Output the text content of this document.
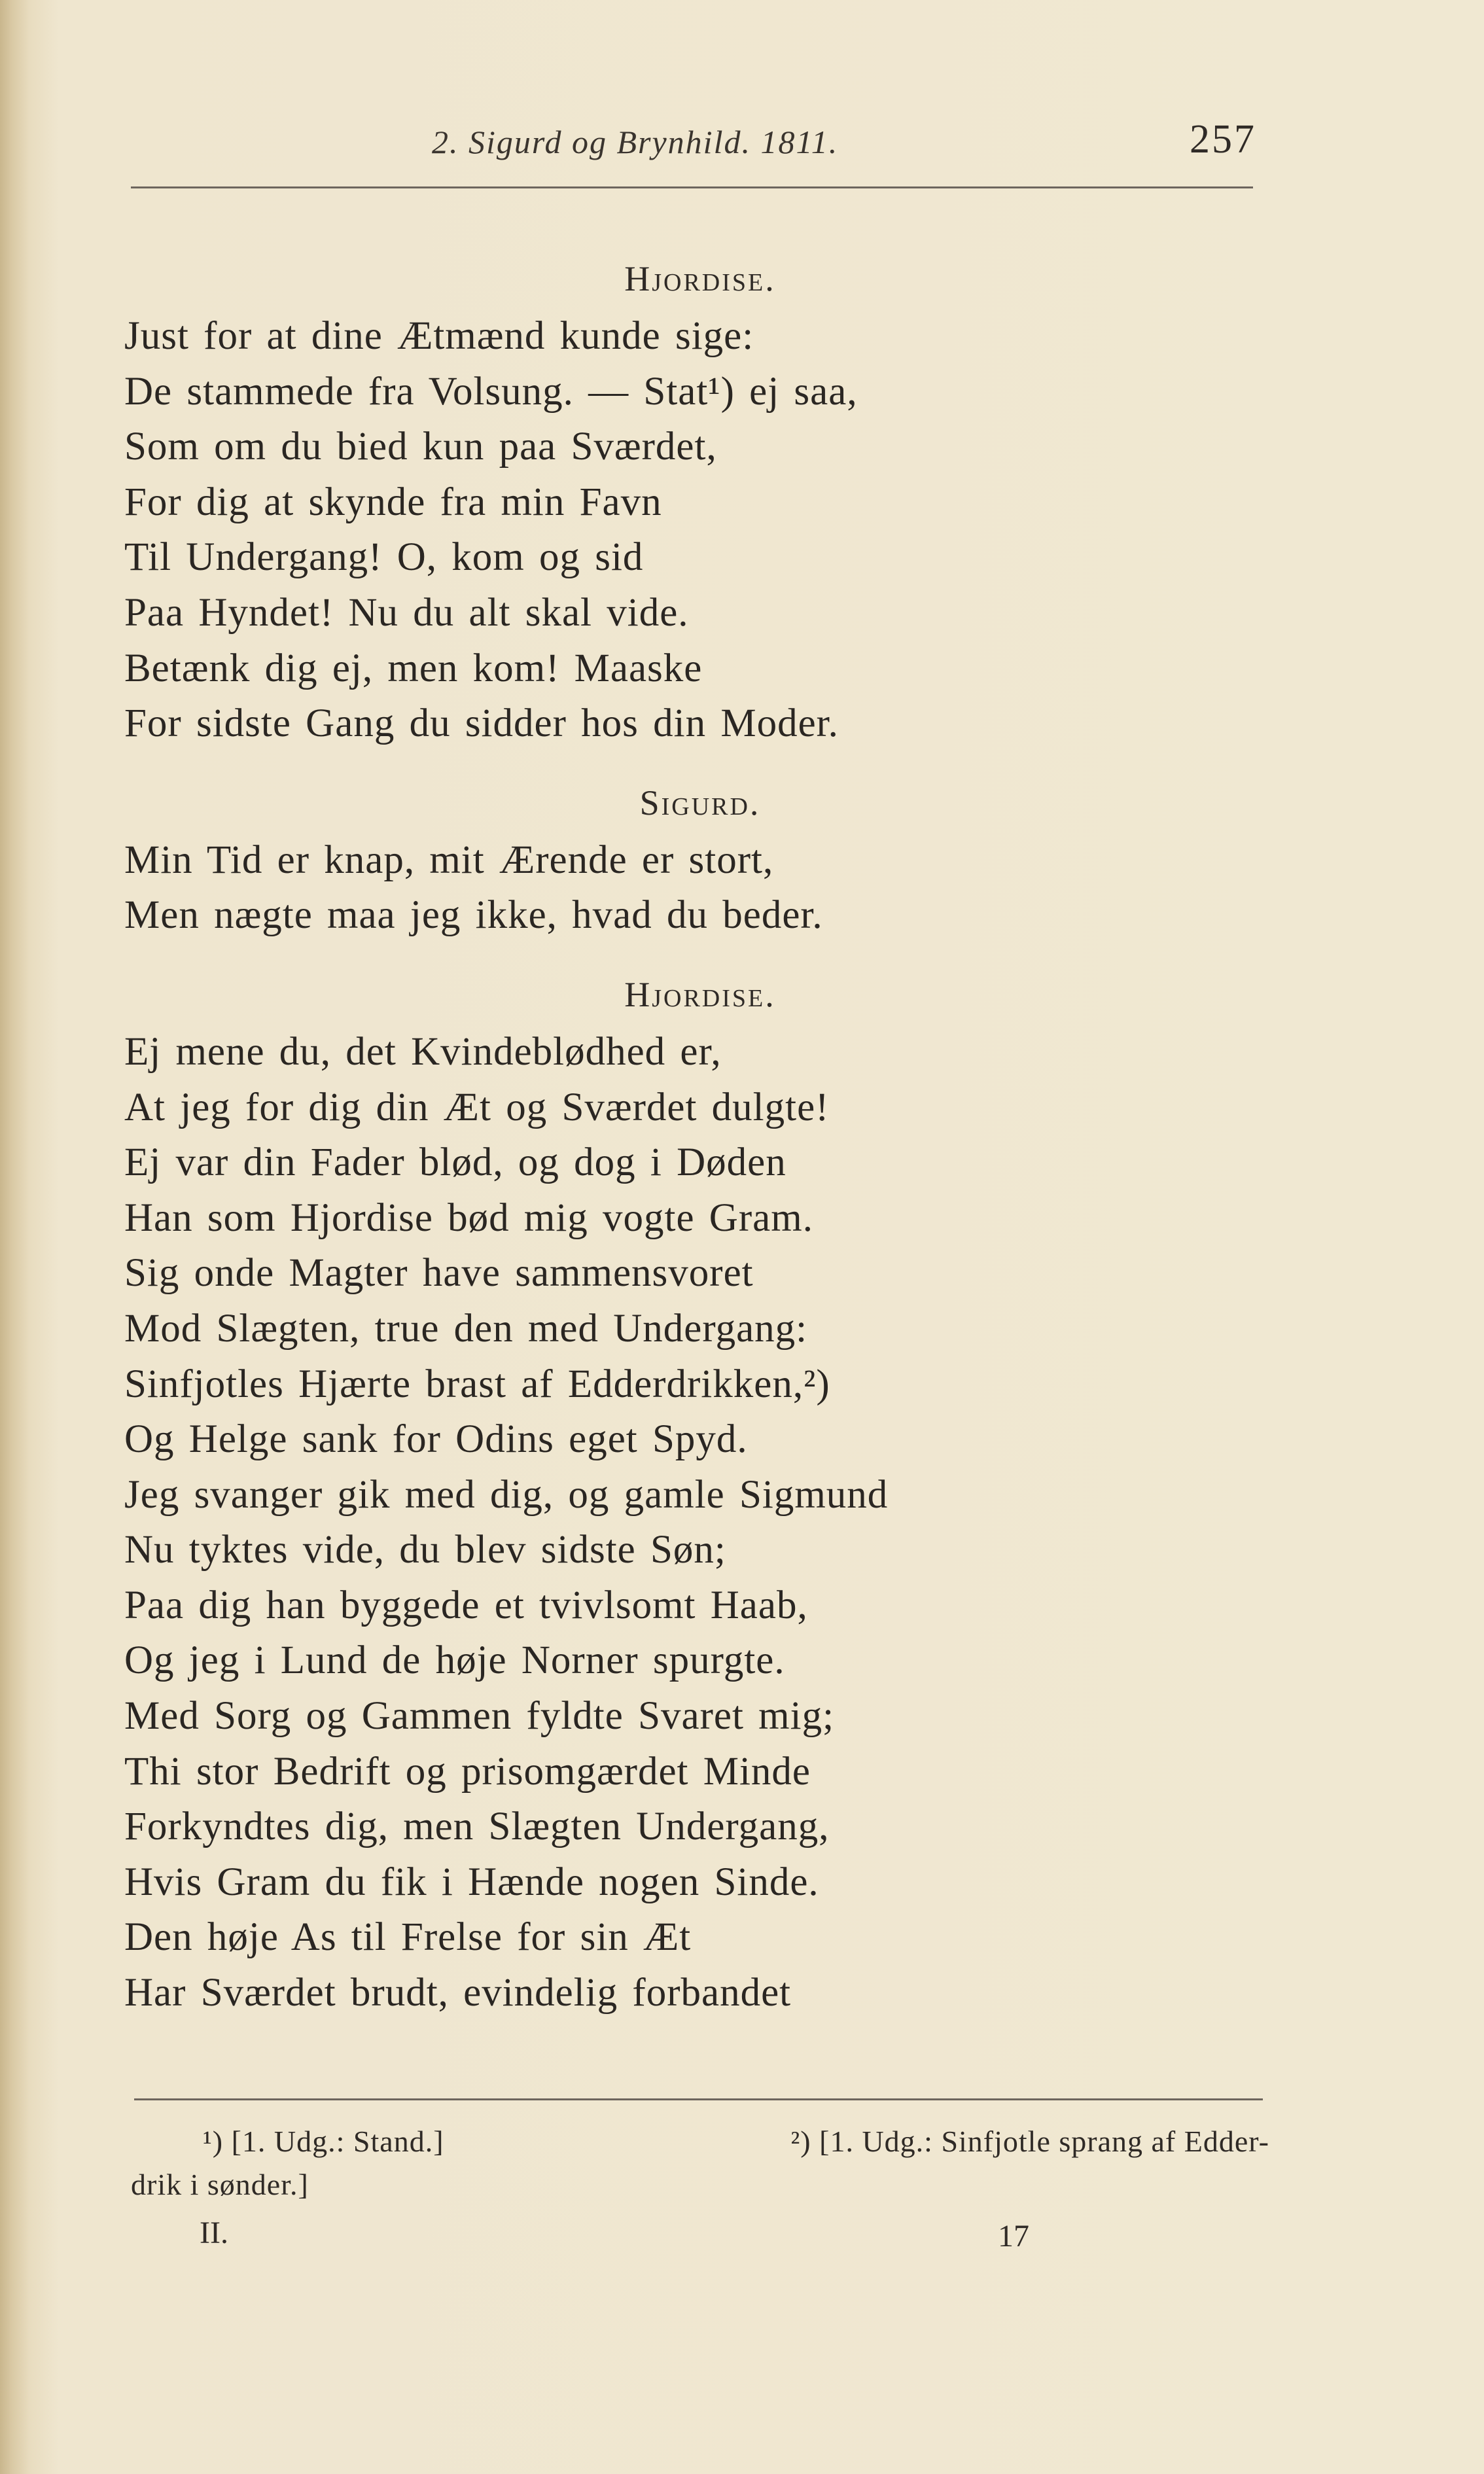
2. Sigurd og Brynhild. 1811.	257
Hjordise.
Just for at dine Ætmænd kunde sige:
De stammede fra Volsung. — Stat¹) ej saa,
Som om du bied kun paa Sværdet,
For dig at skynde fra min Favn
Til Undergang! O, kom og sid
Paa Hyndet! Nu du alt skal vide.
Betænk dig ej, men kom! Maaske
For sidste Gang du sidder hos din Moder.
Sigurd.
Min Tid er knap, mit Ærende er stort,
Men nægte maa jeg ikke, hvad du beder.
Hjordise.
Ej mene du, det Kvindeblødhed er,
At jeg for dig din Æt og Sværdet dulgte!
Ej var din Fader blød, og dog i Døden
Han som Hjordise bød mig vogte Gram.
Sig onde Magter have sammensvoret
Mod Slægten, true den med Undergang:
Sinfjotles Hjærte brast af Edderdrikken,²)
Og Helge sank for Odins eget Spyd.
Jeg svanger gik med dig, og gamle Sigmund
Nu tyktes vide, du blev sidste Søn;
Paa dig han byggede et tvivlsomt Haab,
Og jeg i Lund de høje Norner spurgte.
Med Sorg og Gammen fyldte Svaret mig;
Thi stor Bedrift og prisomgærdet Minde
Forkyndtes dig, men Slægten Undergang,
Hvis Gram du fik i Hænde nogen Sinde.
Den høje As til Frelse for sin Æt
Har Sværdet brudt, evindelig forbandet
¹) [1. Udg.: Stand.]	²) [1. Udg.: Sinfjotle sprang af Edder-
drik i sønder.]
II.	17
